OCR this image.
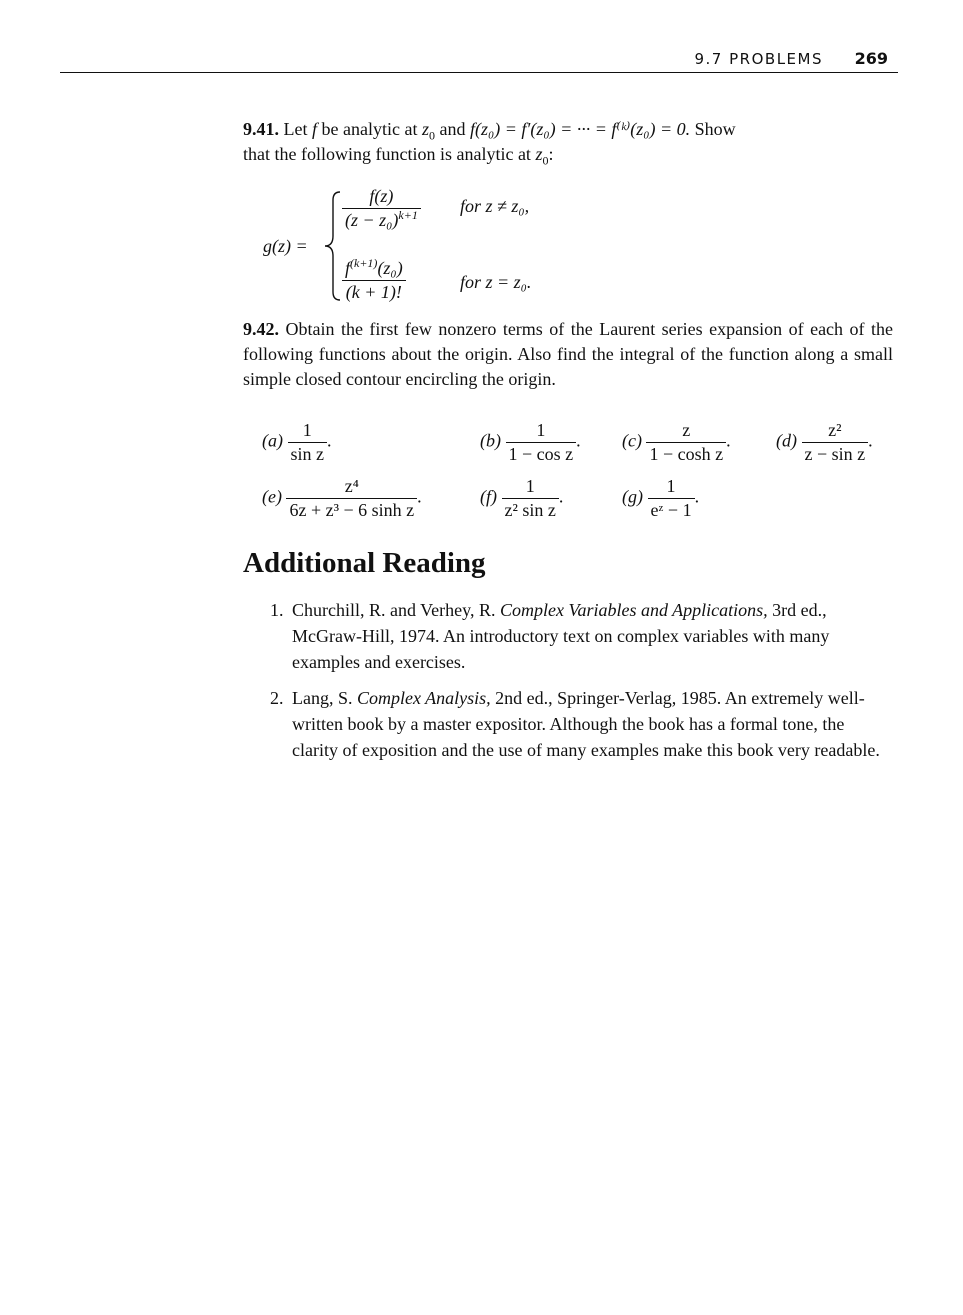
9.7 PROBLEMS 269
9.41. Let f be analytic at $z_0$ and f(z₀) = f′(z₀) = ··· = f⁽ᵏ⁾(z₀) = 0. Show
that the following function is analytic at $z_0$:
g(z) =
$\frac{f(z)}{(z - z_0)^{k+1}}$ for z ≠ z₀,
$\frac{f^{(k+1)}(z_0)}{(k + 1)!}$	for z = z₀.
9.42. Obtain the first few nonzero terms of the Laurent series expansion of each of the following functions about the origin. Also find the integral of the function along a small simple closed contour encircling the origin.
$(a) \frac{1}{\text{sin z}}$ .	$(b) \frac{1}{\text{1 − cos z}}$ . $(c) \frac{z}{\text{1 − cosh z}}$ .	$(d) \frac{\text{z²}}{\text{z − sin z}}$ .
$(e) \frac{\text{z⁴}}{\text{6z + z³ − 6 sinh z}}$ .	$(f) \frac{1}{\text{z² sin z}}$ .	$(g) \frac{1}{\text{eᶻ − 1}}$ .
Additional Reading
1. Churchill, R. and Verhey, R. Complex Variables and Applications, 3rd ed., McGraw-Hill, 1974. An introductory text on complex variables with many examples and exercises.
2. Lang, S. Complex Analysis, 2nd ed., Springer-Verlag, 1985. An extremely well-written book by a master expositor. Although the book has a formal tone, the clarity of exposition and the use of many examples make this book very readable.
